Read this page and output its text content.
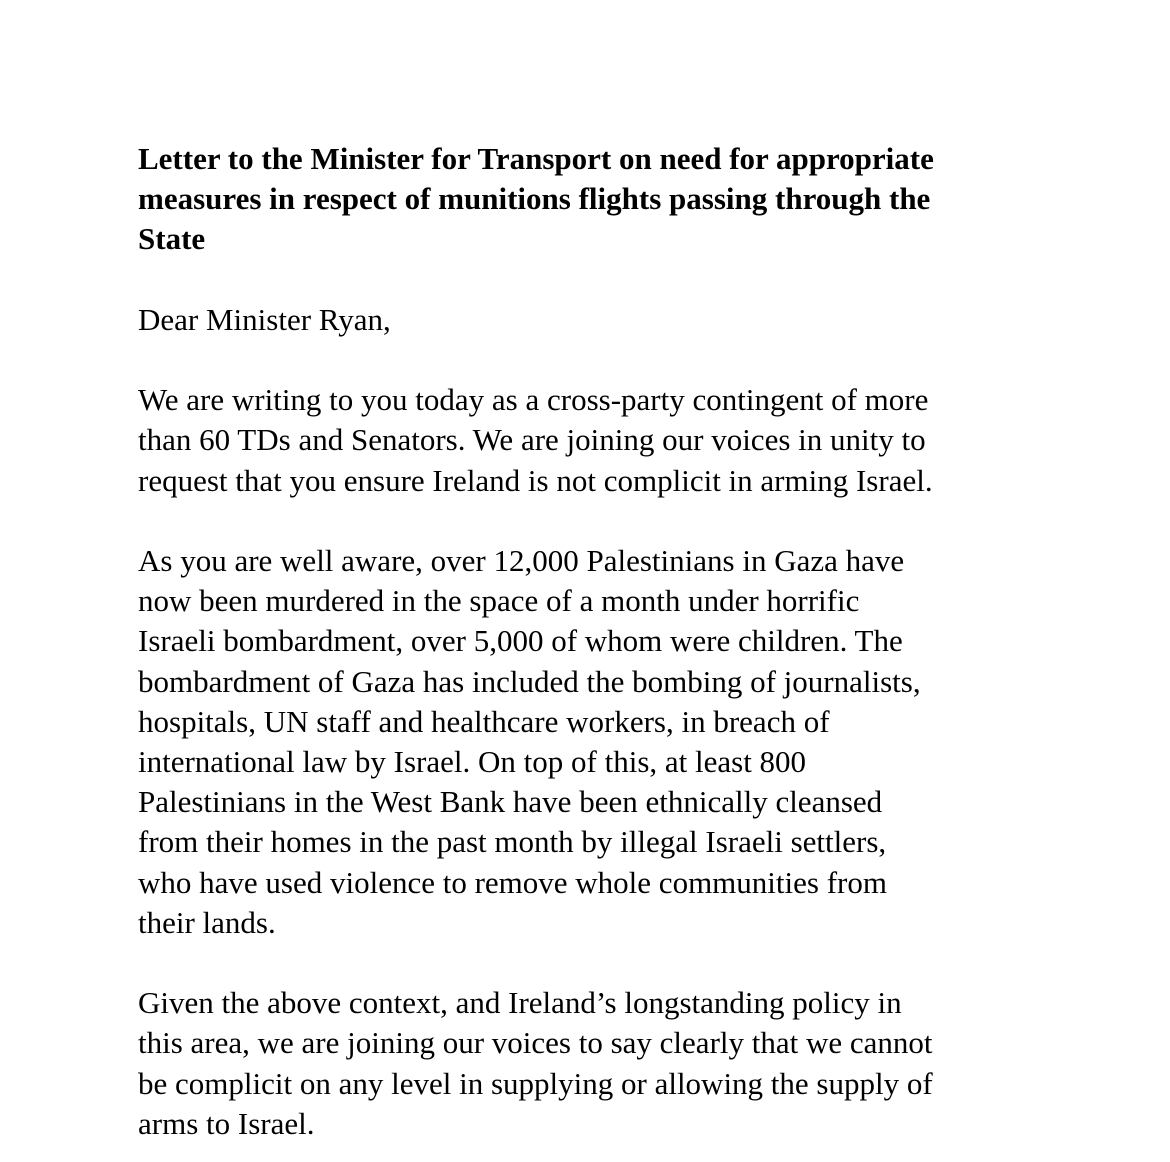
Letter to the Minister for Transport on need for appropriate
measures in respect of munitions flights passing through the
State
Dear Minister Ryan,
We are writing to you today as a cross-party contingent of more
than 60 TDs and Senators. We are joining our voices in unity to
request that you ensure Ireland is not complicit in arming Israel.
As you are well aware, over 12,000 Palestinians in Gaza have
now been murdered in the space of a month under horrific
Israeli bombardment, over 5,000 of whom were children. The
bombardment of Gaza has included the bombing of journalists,
hospitals, UN staff and healthcare workers, in breach of
international law by Israel. On top of this, at least 800
Palestinians in the West Bank have been ethnically cleansed
from their homes in the past month by illegal Israeli settlers,
who have used violence to remove whole communities from
their lands.
Given the above context, and Ireland’s longstanding policy in
this area, we are joining our voices to say clearly that we cannot
be complicit on any level in supplying or allowing the supply of
arms to Israel.
